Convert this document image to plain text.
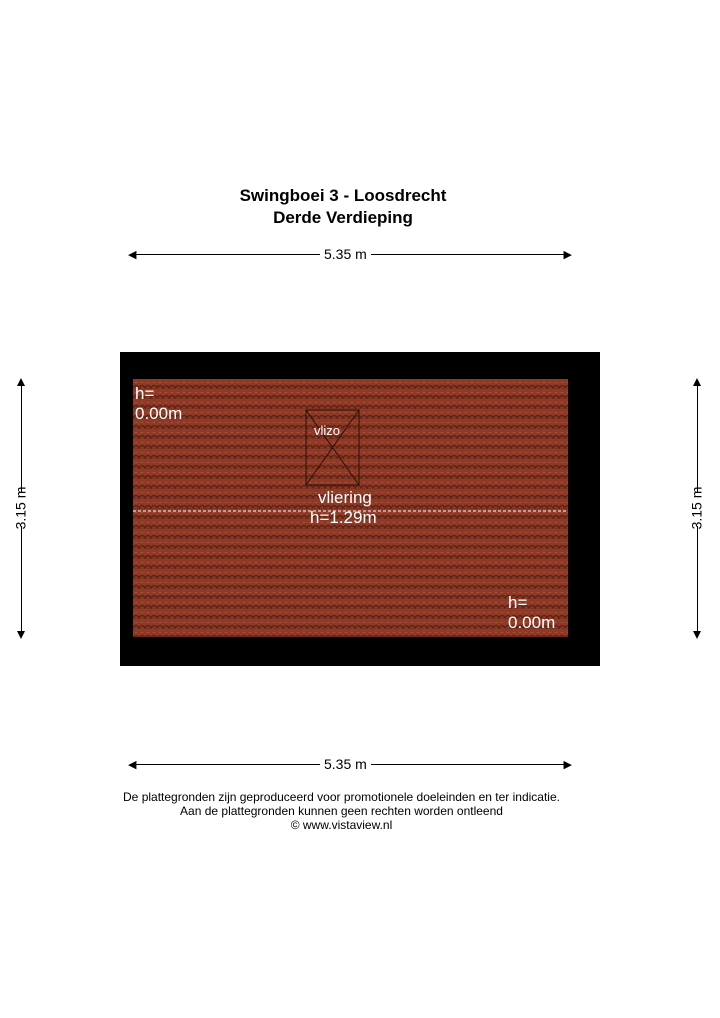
Swingboei 3 - Loosdrecht
Derde Verdieping
◀	▶
5.35 m
◀	▶
5.35 m
3.15 m	3.15 m
h=
0.00m
vlizo
vliering
h=1.29m
h=
0.00m
De plattegronden zijn geproduceerd voor promotionele doeleinden en ter indicatie.
Aan de plattegronden kunnen geen rechten worden ontleend
© www.vistaview.nl
